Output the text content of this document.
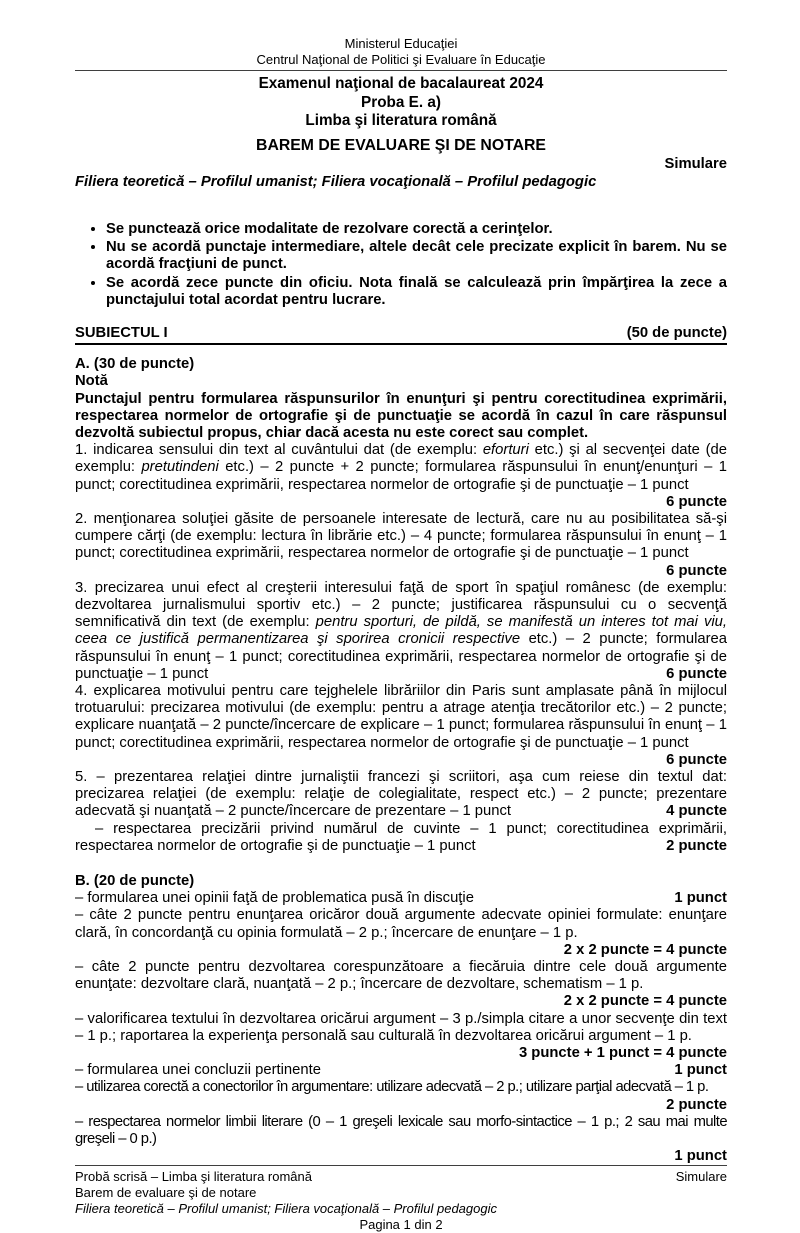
Ministerul Educaţiei
Centrul Naţional de Politici şi Evaluare în Educaţie
Examenul naţional de bacalaureat 2024
Proba E. a)
Limba şi literatura română
BAREM DE EVALUARE ŞI DE NOTARE
Simulare
Filiera teoretică – Profilul umanist; Filiera vocaţională – Profilul pedagogic
• Se punctează orice modalitate de rezolvare corectă a cerinţelor.
• Nu se acordă punctaje intermediare, altele decât cele precizate explicit în barem. Nu se acordă fracţiuni de punct.
• Se acordă zece puncte din oficiu. Nota finală se calculează prin împărţirea la zece a punctajului total acordat pentru lucrare.
SUBIECTUL I	(50 de puncte)
A. (30 de puncte)
Notă
Punctajul pentru formularea răspunsurilor în enunţuri şi pentru corectitudinea exprimării, respectarea normelor de ortografie şi de punctuaţie se acordă în cazul în care răspunsul dezvoltă subiectul propus, chiar dacă acesta nu este corect sau complet.
1. indicarea sensului din text al cuvântului dat (de exemplu: eforturi etc.) şi al secvenţei date (de exemplu: pretutindeni etc.) – 2 puncte + 2 puncte; formularea răspunsului în enunţ/enunţuri – 1 punct; corectitudinea exprimării, respectarea normelor de ortografie şi de punctuaţie – 1 punct
6 puncte
2. menţionarea soluţiei găsite de persoanele interesate de lectură, care nu au posibilitatea să-şi cumpere cărţi (de exemplu: lectura în librărie etc.) – 4 puncte; formularea răspunsului în enunţ – 1 punct; corectitudinea exprimării, respectarea normelor de ortografie şi de punctuaţie – 1 punct
6 puncte
3. precizarea unui efect al creşterii interesului faţă de sport în spaţiul românesc (de exemplu: dezvoltarea jurnalismului sportiv etc.) – 2 puncte; justificarea răspunsului cu o secvenţă semnificativă din text (de exemplu: pentru sporturi, de pildă, se manifestă un interes tot mai viu, ceea ce justifică permanentizarea şi sporirea cronicii respective etc.) – 2 puncte; formularea răspunsului în enunţ – 1 punct; corectitudinea exprimării, respectarea normelor de ortografie şi de punctuaţie – 1 punct	6 puncte
4. explicarea motivului pentru care tejghelele librăriilor din Paris sunt amplasate până în mijlocul trotuarului: precizarea motivului (de exemplu: pentru a atrage atenţia trecătorilor etc.) – 2 puncte; explicare nuanţată – 2 puncte/încercare de explicare – 1 punct; formularea răspunsului în enunţ – 1 punct; corectitudinea exprimării, respectarea normelor de ortografie şi de punctuaţie – 1 punct
6 puncte
5. – prezentarea relaţiei dintre jurnaliştii francezi şi scriitori, aşa cum reiese din textul dat: precizarea relaţiei (de exemplu: relaţie de colegialitate, respect etc.) – 2 puncte; prezentare adecvată şi nuanţată – 2 puncte/încercare de prezentare – 1 punct	4 puncte
– respectarea precizării privind numărul de cuvinte – 1 punct; corectitudinea exprimării, respectarea normelor de ortografie şi de punctuaţie – 1 punct	2 puncte
B. (20 de puncte)
– formularea unei opinii faţă de problematica pusă în discuţie	1 punct
– câte 2 puncte pentru enunţarea oricăror două argumente adecvate opiniei formulate: enunţare clară, în concordanţă cu opinia formulată – 2 p.; încercare de enunţare – 1 p.
2 x 2 puncte = 4 puncte
– câte 2 puncte pentru dezvoltarea corespunzătoare a fiecăruia dintre cele două argumente enunţate: dezvoltare clară, nuanţată – 2 p.; încercare de dezvoltare, schematism – 1 p.
2 x 2 puncte = 4 puncte
– valorificarea textului în dezvoltarea oricărui argument – 3 p./simpla citare a unor secvenţe din text – 1 p.; raportarea la experienţa personală sau culturală în dezvoltarea oricărui argument – 1 p.
3 puncte + 1 punct = 4 puncte
– formularea unei concluzii pertinente	1 punct
– utilizarea corectă a conectorilor în argumentare: utilizare adecvată – 2 p.; utilizare parţial adecvată – 1 p.
2 puncte
– respectarea normelor limbii literare (0 – 1 greşeli lexicale sau morfo-sintactice – 1 p.; 2 sau mai multe greşeli – 0 p.)
1 punct
Probă scrisă – Limba şi literatura română	Simulare
Barem de evaluare şi de notare
Filiera teoretică – Profilul umanist; Filiera vocaţională – Profilul pedagogic
Pagina 1 din 2
